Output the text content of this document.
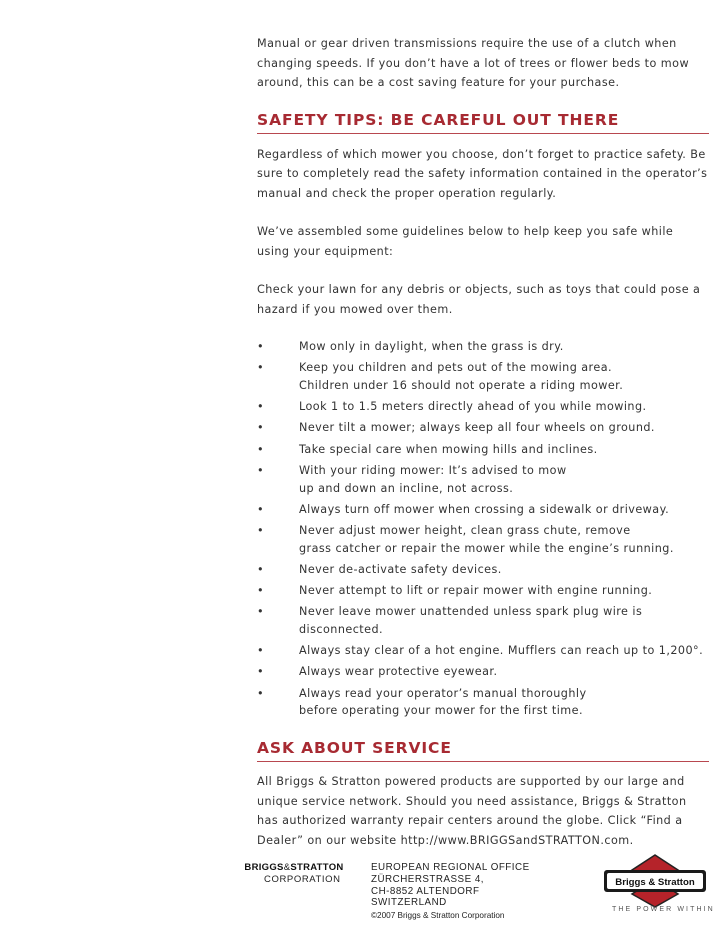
Manual or gear driven transmissions require the use of a clutch when changing speeds. If you don’t have a lot of trees or flower beds to mow around, this can be a cost saving feature for your purchase.

SAFETY TIPS: BE CAREFUL OUT THERE

Regardless of which mower you choose, don’t forget to practice safety. Be sure to completely read the safety information contained in the operator’s manual and check the proper operation regularly.

We’ve assembled some guidelines below to help keep you safe while using your equipment:

Check your lawn for any debris or objects, such as toys that could pose a hazard if you mowed over them.

•	Mow only in daylight, when the grass is dry.
•	Keep you children and pets out of the mowing area.
Children under 16 should not operate a riding mower.
•	Look 1 to 1.5 meters directly ahead of you while mowing.
•	Never tilt a mower; always keep all four wheels on ground.
•	Take special care when mowing hills and inclines.
•	With your riding mower: It’s advised to mow
up and down an incline, not across.
•	Always turn off mower when crossing a sidewalk or driveway.
•	Never adjust mower height, clean grass chute, remove
grass catcher or repair the mower while the engine’s running.
•	Never de-activate safety devices.
•	Never attempt to lift or repair mower with engine running.
•	Never leave mower unattended unless spark plug wire is disconnected.
•	Always stay clear of a hot engine. Mufflers can reach up to 1,200°.
•	Always wear protective eyewear.
•	Always read your operator’s manual thoroughly
before operating your mower for the first time.
ASK ABOUT SERVICE

All Briggs & Stratton powered products are supported by our large and unique service network. Should you need assistance, Briggs & Stratton has authorized warranty repair centers around the globe. Click “Find a Dealer” on our website http://www.BRIGGSandSTRATTON.com.

BRIGGS&STRATTON
CORPORATION
EUROPEAN REGIONAL OFFICE
ZÜRCHERSTRASSE 4,
CH-8852 ALTENDORF
SWITZERLAND
©2007 Briggs & Stratton Corporation
Briggs & Stratton
THE POWER WITHIN
